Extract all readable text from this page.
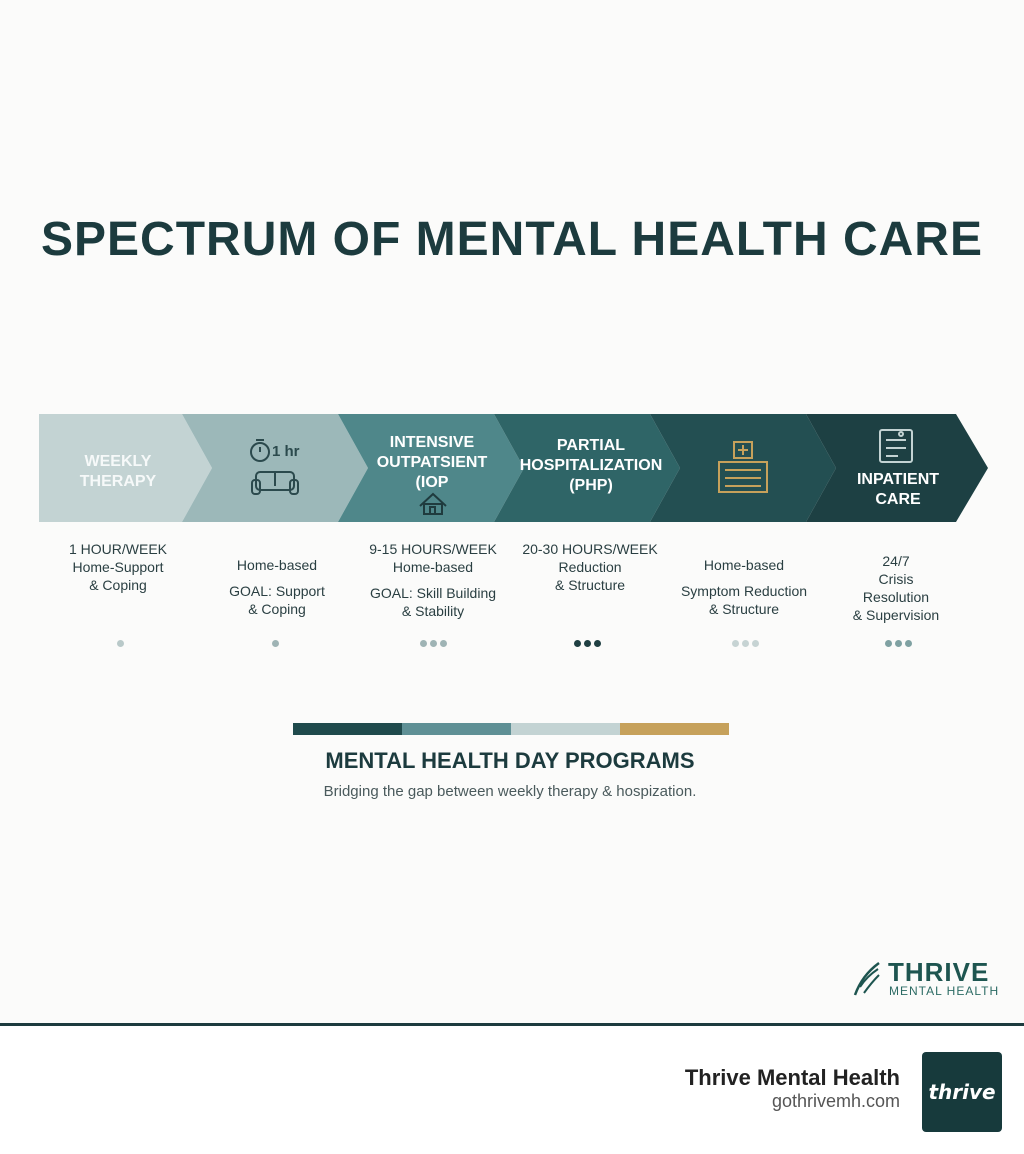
SPECTRUM OF MENTAL HEALTH CARE
WEEKLY
THERAPY
1 hr
INTENSIVE
OUTPATSIENT
(IOP
PARTIAL
HOSPITALIZATION
(PHP)	INPATIENT
CARE

1 HOUR/WEEK

Home-Support

& Coping

Home-based

GOAL: Support

& Coping

9-15 HOURS/WEEK

Home-based

GOAL: Skill Building

& Stability

20-30 HOURS/WEEK

Reduction

& Structure

Home-based

Symptom Reduction

& Structure

24/7

Crisis

Resolution

& Supervision

MENTAL HEALTH DAY PROGRAMS
Bridging the gap between weekly therapy & hospization.
THRIVE
MENTAL HEALTH
Thrive Mental Health
gothrivemh.com	thrive
